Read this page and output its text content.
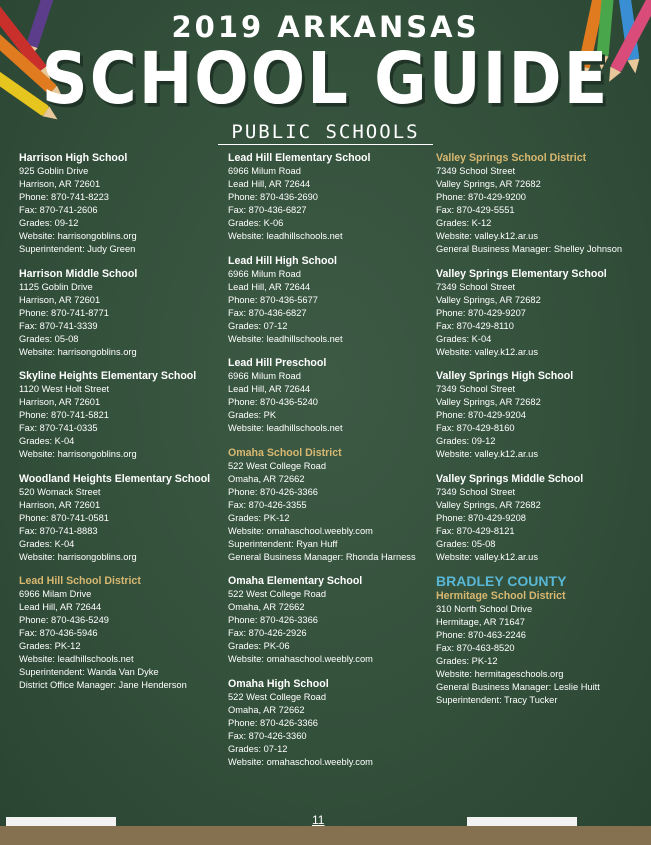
2019 ARKANSAS
SCHOOL GUIDE
PUBLIC SCHOOLS
Harrison High School
925 Goblin Drive
Harrison, AR 72601
Phone: 870-741-8223
Fax: 870-741-2606
Grades: 09-12
Website: harrisongoblins.org
Superintendent: Judy Green
Harrison Middle School
1125 Goblin Drive
Harrison, AR 72601
Phone: 870-741-8771
Fax: 870-741-3339
Grades: 05-08
Website: harrisongoblins.org
Skyline Heights Elementary School
1120 West Holt Street
Harrison, AR 72601
Phone: 870-741-5821
Fax: 870-741-0335
Grades: K-04
Website: harrisongoblins.org
Woodland Heights Elementary School
520 Womack Street
Harrison, AR 72601
Phone: 870-741-0581
Fax: 870-741-8883
Grades: K-04
Website: harrisongoblins.org
Lead Hill School District
6966 Milam Drive
Lead Hill, AR 72644
Phone: 870-436-5249
Fax: 870-436-5946
Grades: PK-12
Website: leadhillschools.net
Superintendent: Wanda Van Dyke
District Office Manager: Jane Henderson
Lead Hill Elementary School
6966 Milum Road
Lead Hill, AR 72644
Phone: 870-436-2690
Fax: 870-436-6827
Grades: K-06
Website: leadhillschools.net
Lead Hill High School
6966 Milum Road
Lead Hill, AR 72644
Phone: 870-436-5677
Fax: 870-436-6827
Grades: 07-12
Website: leadhillschools.net
Lead Hill Preschool
6966 Milum Road
Lead Hill, AR 72644
Phone: 870-436-5240
Grades: PK
Website: leadhillschools.net
Omaha School District
522 West College Road
Omaha, AR 72662
Phone: 870-426-3366
Fax: 870-426-3355
Grades: PK-12
Website: omahaschool.weebly.com
Superintendent: Ryan Huff
General Business Manager: Rhonda Harness
Omaha Elementary School
522 West College Road
Omaha, AR 72662
Phone: 870-426-3366
Fax: 870-426-2926
Grades: PK-06
Website: omahaschool.weebly.com
Omaha High School
522 West College Road
Omaha, AR 72662
Phone: 870-426-3366
Fax: 870-426-3360
Grades: 07-12
Website: omahaschool.weebly.com
Valley Springs School District
7349 School Street
Valley Springs, AR 72682
Phone: 870-429-9200
Fax: 870-429-5551
Grades: K-12
Website: valley.k12.ar.us
General Business Manager: Shelley Johnson
Valley Springs Elementary School
7349 School Street
Valley Springs, AR 72682
Phone: 870-429-9207
Fax: 870-429-8110
Grades: K-04
Website: valley.k12.ar.us
Valley Springs High School
7349 School Street
Valley Springs, AR 72682
Phone: 870-429-9204
Fax: 870-429-8160
Grades: 09-12
Website: valley.k12.ar.us
Valley Springs Middle School
7349 School Street
Valley Springs, AR 72682
Phone: 870-429-9208
Fax: 870-429-8121
Grades: 05-08
Website: valley.k12.ar.us
BRADLEY COUNTY
Hermitage School District
310 North School Drive
Hermitage, AR 71647
Phone: 870-463-2246
Fax: 870-463-8520
Grades: PK-12
Website: hermitageschools.org
General Business Manager: Leslie Huitt
Superintendent: Tracy Tucker
11
